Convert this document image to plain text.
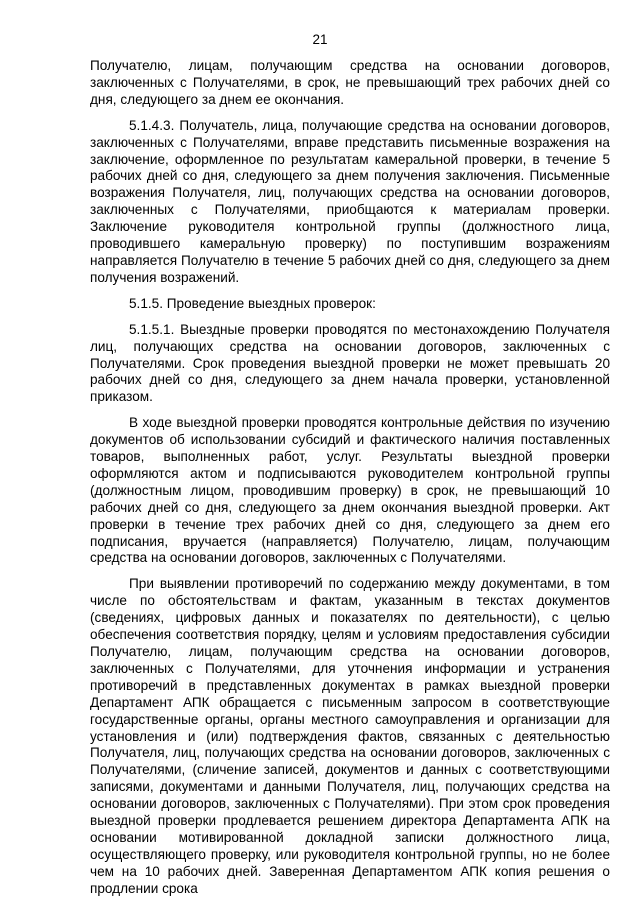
21

Получателю, лицам, получающим средства на основании договоров, заключенных с Получателями, в срок, не превышающий трех рабочих дней со дня, следующего за днем ее окончания.

5.1.4.3. Получатель, лица, получающие средства на основании договоров, заключенных с Получателями, вправе представить письменные возражения на заключение, оформленное по результатам камеральной проверки, в течение 5 рабочих дней со дня, следующего за днем получения заключения. Письменные возражения Получателя, лиц, получающих средства на основании договоров, заключенных с Получателями, приобщаются к материалам проверки. Заключение руководителя контрольной группы (должностного лица, проводившего камеральную проверку) по поступившим возражениям направляется Получателю в течение 5 рабочих дней со дня, следующего за днем получения возражений.

5.1.5. Проведение выездных проверок:

5.1.5.1. Выездные проверки проводятся по местонахождению Получателя лиц, получающих средства на основании договоров, заключенных с Получателями. Срок проведения выездной проверки не может превышать 20 рабочих дней со дня, следующего за днем начала проверки, установленной приказом.

В ходе выездной проверки проводятся контрольные действия по изучению документов об использовании субсидий и фактического наличия поставленных товаров, выполненных работ, услуг. Результаты выездной проверки оформляются актом и подписываются руководителем контрольной группы (должностным лицом, проводившим проверку) в срок, не превышающий 10 рабочих дней со дня, следующего за днем окончания выездной проверки. Акт проверки в течение трех рабочих дней со дня, следующего за днем его подписания, вручается (направляется) Получателю, лицам, получающим средства на основании договоров, заключенных с Получателями.

При выявлении противоречий по содержанию между документами, в том числе по обстоятельствам и фактам, указанным в текстах документов (сведениях, цифровых данных и показателях по деятельности), с целью обеспечения соответствия порядку, целям и условиям предоставления субсидии Получателю, лицам, получающим средства на основании договоров, заключенных с Получателями, для уточнения информации и устранения противоречий в представленных документах в рамках выездной проверки Департамент АПК обращается с письменным запросом в соответствующие государственные органы, органы местного самоуправления и организации для установления и (или) подтверждения фактов, связанных с деятельностью Получателя, лиц, получающих средства на основании договоров, заключенных с Получателями, (сличение записей, документов и данных с соответствующими записями, документами и данными Получателя, лиц, получающих средства на основании договоров, заключенных с Получателями). При этом срок проведения выездной проверки продлевается решением директора Департамента АПК на основании мотивированной докладной записки должностного лица, осуществляющего проверку, или руководителя контрольной группы, но не более чем на 10 рабочих дней. Заверенная Департаментом АПК копия решения о продлении срока
